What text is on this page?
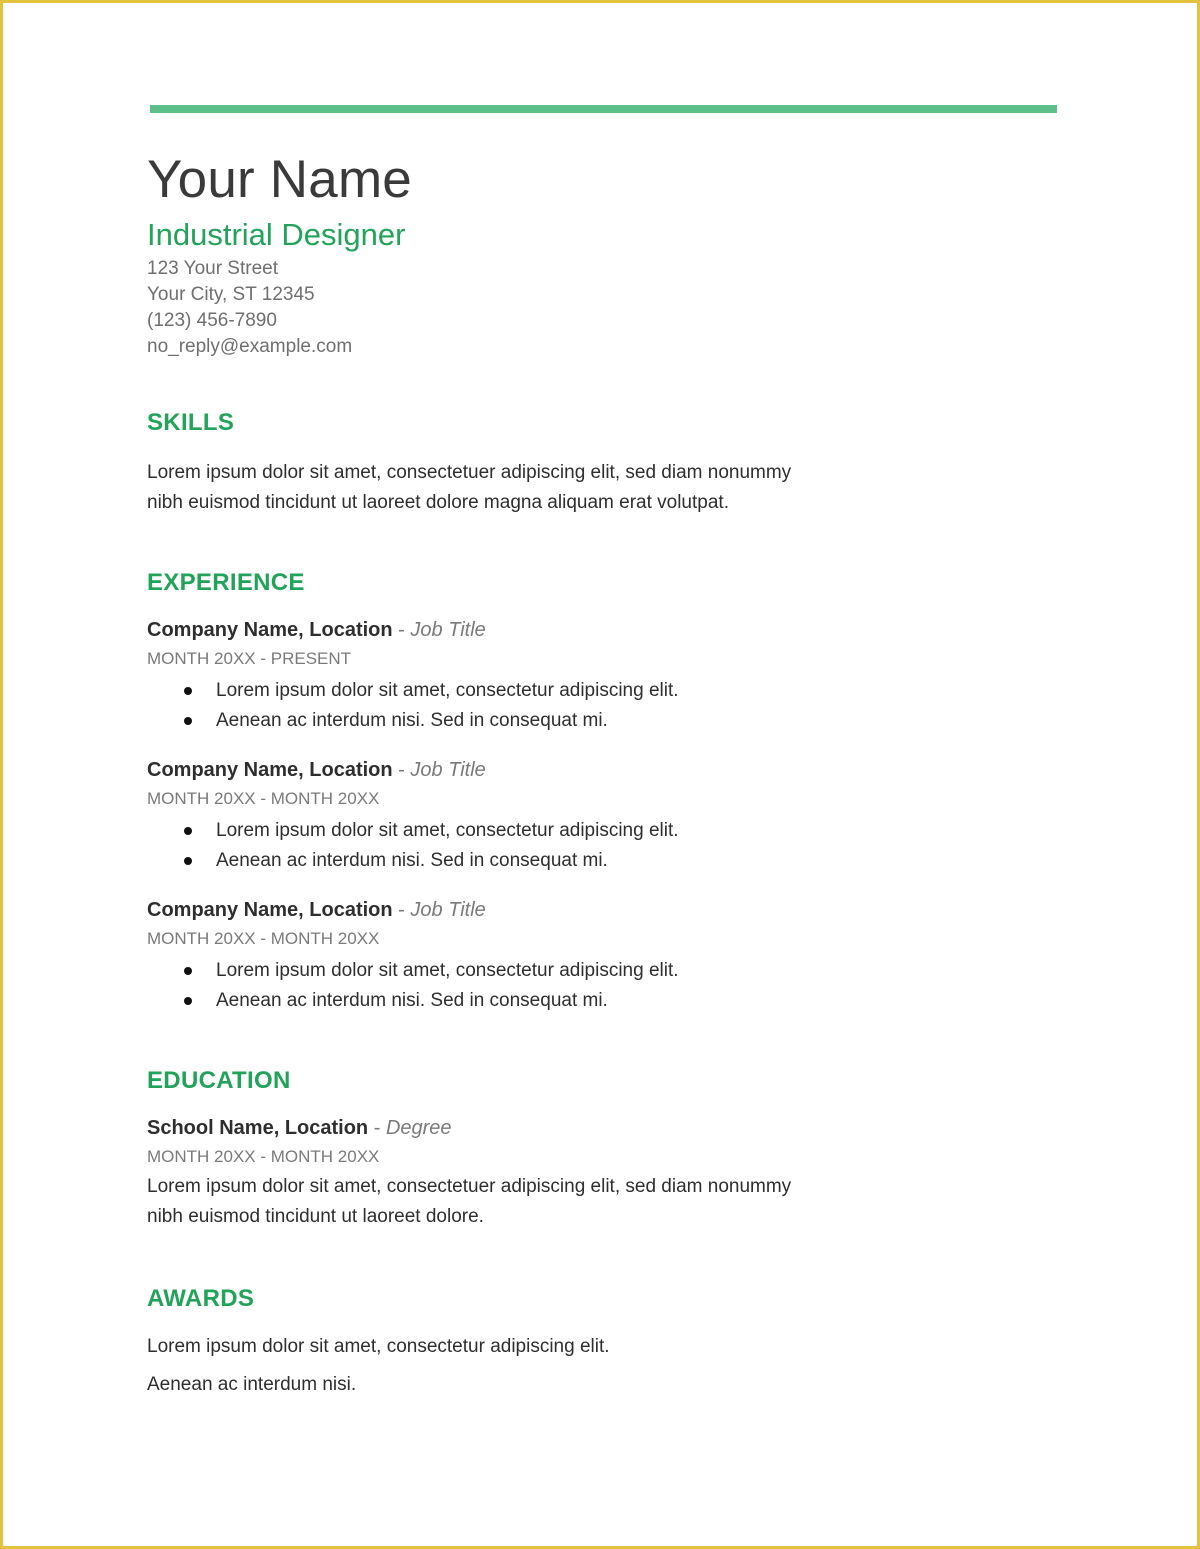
Your Name
Industrial Designer
123 Your Street
Your City, ST 12345
(123) 456-7890
no_reply@example.com
SKILLS
Lorem ipsum dolor sit amet, consectetuer adipiscing elit, sed diam nonummy
nibh euismod tincidunt ut laoreet dolore magna aliquam erat volutpat.
EXPERIENCE
Company Name, Location - Job Title
MONTH 20XX - PRESENT
Lorem ipsum dolor sit amet, consectetur adipiscing elit.
Aenean ac interdum nisi. Sed in consequat mi.
Company Name, Location - Job Title
MONTH 20XX - MONTH 20XX
Lorem ipsum dolor sit amet, consectetur adipiscing elit.
Aenean ac interdum nisi. Sed in consequat mi.
Company Name, Location - Job Title
MONTH 20XX - MONTH 20XX
Lorem ipsum dolor sit amet, consectetur adipiscing elit.
Aenean ac interdum nisi. Sed in consequat mi.
EDUCATION
School Name, Location - Degree
MONTH 20XX - MONTH 20XX
Lorem ipsum dolor sit amet, consectetuer adipiscing elit, sed diam nonummy
nibh euismod tincidunt ut laoreet dolore.
AWARDS
Lorem ipsum dolor sit amet, consectetur adipiscing elit.
Aenean ac interdum nisi.
